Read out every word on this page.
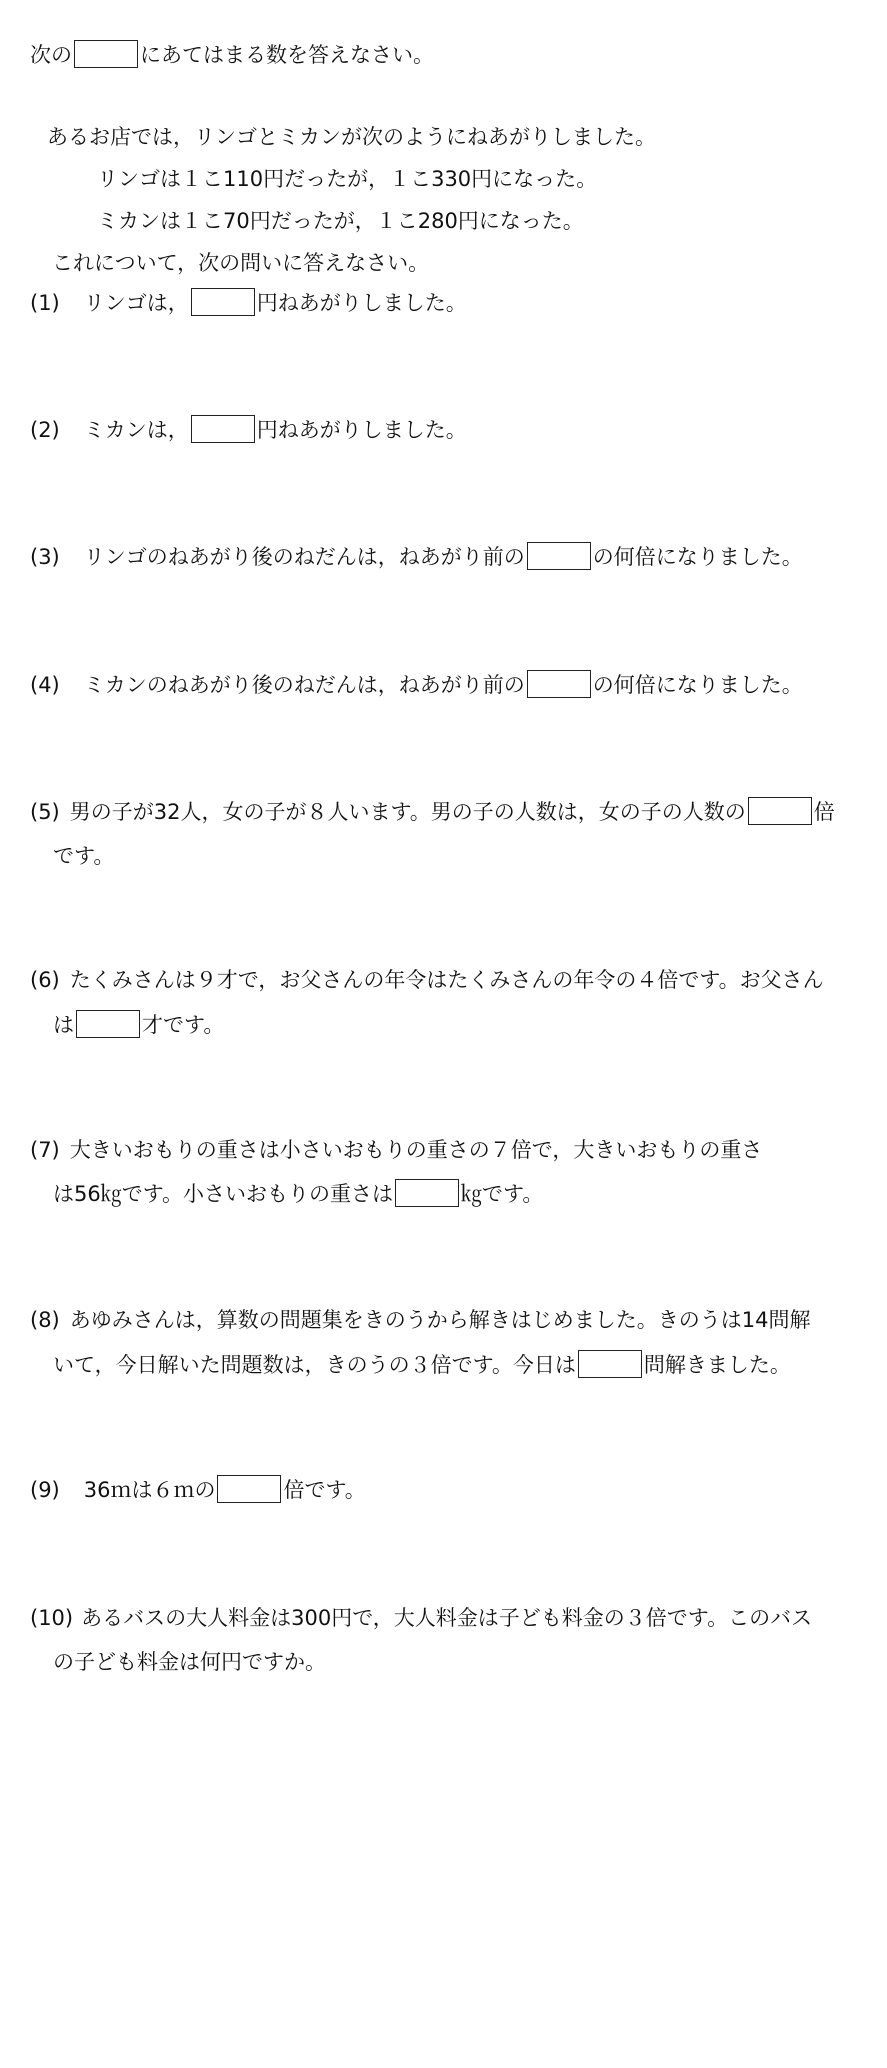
次の	にあてはまる数を答えなさい。
あるお店では，リンゴとミカンが次のようにねあがりしました。
リンゴは１こ110円だったが，１こ330円になった。
ミカンは１こ70円だったが，１こ280円になった。
これについて，次の問いに答えなさい。
(1) リンゴは，	円ねあがりしました。
(2) ミカンは，	円ねあがりしました。
(3) リンゴのねあがり後のねだんは，ねあがり前の	の何倍になりました。
(4) ミカンのねあがり後のねだんは，ねあがり前の	の何倍になりました。
(5) 男の子が32人，女の子が８人います。男の子の人数は，女の子の人数の	倍
です。
(6) たくみさんは９才で，お父さんの年令はたくみさんの年令の４倍です。お父さん
は	才です。
(7) 大きいおもりの重さは小さいおもりの重さの７倍で，大きいおもりの重さ
は56㎏です。小さいおもりの重さは	㎏です。
(8) あゆみさんは，算数の問題集をきのうから解きはじめました。きのうは14問解
いて，今日解いた問題数は，きのうの３倍です。今日は	問解きました。
(9) 36ｍは６ｍの	倍です。
(10) あるバスの大人料金は300円で，大人料金は子ども料金の３倍です。このバス
の子ども料金は何円ですか。
